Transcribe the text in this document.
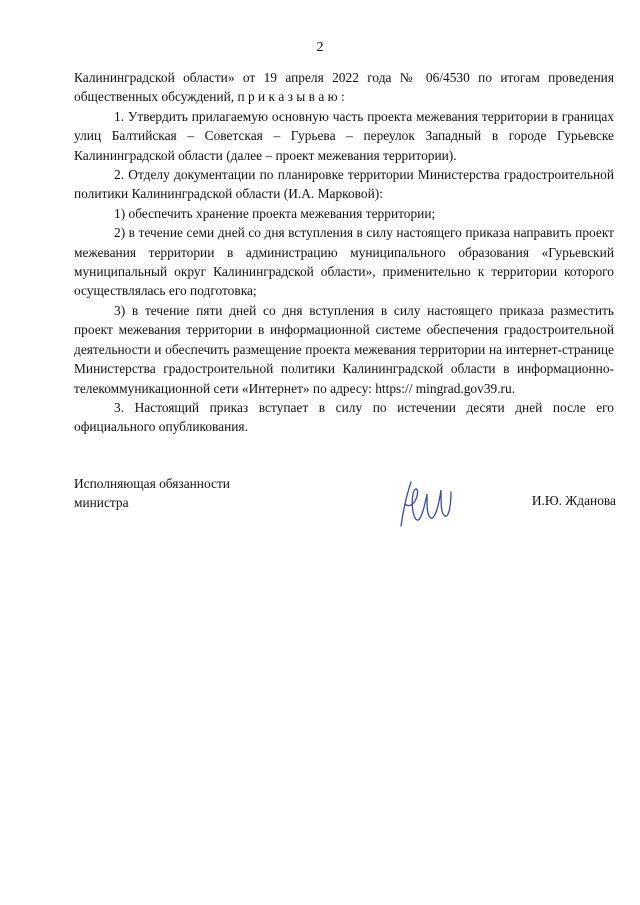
2

Калининградской области» от 19 апреля 2022 года № 06/4530 по итогам проведения общественных обсуждений, п р и к а з ы в а ю :

1. Утвердить прилагаемую основную часть проекта межевания территории в границах улиц Балтийская – Советская – Гурьева – переулок Западный в городе Гурьевске Калининградской области (далее – проект межевания территории).

2. Отделу документации по планировке территории Министерства градостроительной политики Калининградской области (И.А. Марковой):

1) обеспечить хранение проекта межевания территории;

2) в течение семи дней со дня вступления в силу настоящего приказа направить проект межевания территории в администрацию муниципального образования «Гурьевский муниципальный округ Калининградской области», применительно к территории которого осуществлялась его подготовка;

3) в течение пяти дней со дня вступления в силу настоящего приказа разместить проект межевания территории в информационной системе обеспечения градостроительной деятельности и обеспечить размещение проекта межевания территории на интернет-странице Министерства градостроительной политики Калининградской области в информационно-телекоммуникационной сети «Интернет» по адресу: https:// mingrad.gov39.ru.

3. Настоящий приказ вступает в силу по истечении десяти дней после его официального опубликования.

Исполняющая обязанности
министра	И.Ю. Жданова
